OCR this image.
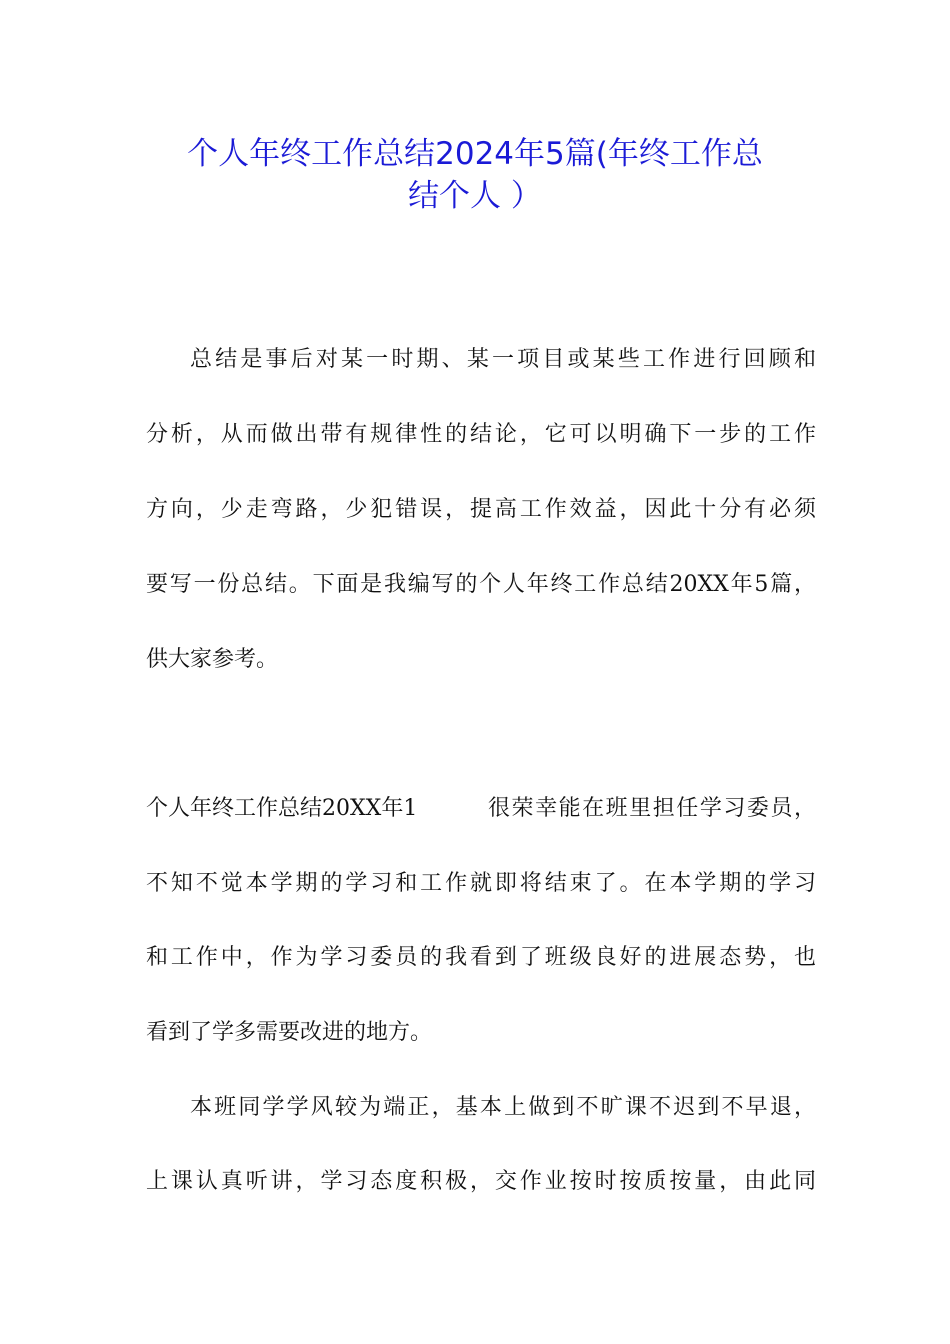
个人年终工作总结2024年5篇(年终工作总
结个人 ）

总结是事后对某一时期、某一项目或某些工作进行回顾和

分析，从而做出带有规律性的结论，它可以明确下一步的工作

方向，少走弯路，少犯错误，提高工作效益，因此十分有必须

要写一份总结。下面是我编写的个人年终工作总结20XX年5篇，

供大家参考。

个人年终工作总结20XX年1	很荣幸能在班里担任学习委员，

不知不觉本学期的学习和工作就即将结束了。在本学期的学习

和工作中，作为学习委员的我看到了班级良好的进展态势，也

看到了学多需要改进的地方。

本班同学学风较为端正，基本上做到不旷课不迟到不早退，

上课认真听讲，学习态度积极，交作业按时按质按量，由此同
